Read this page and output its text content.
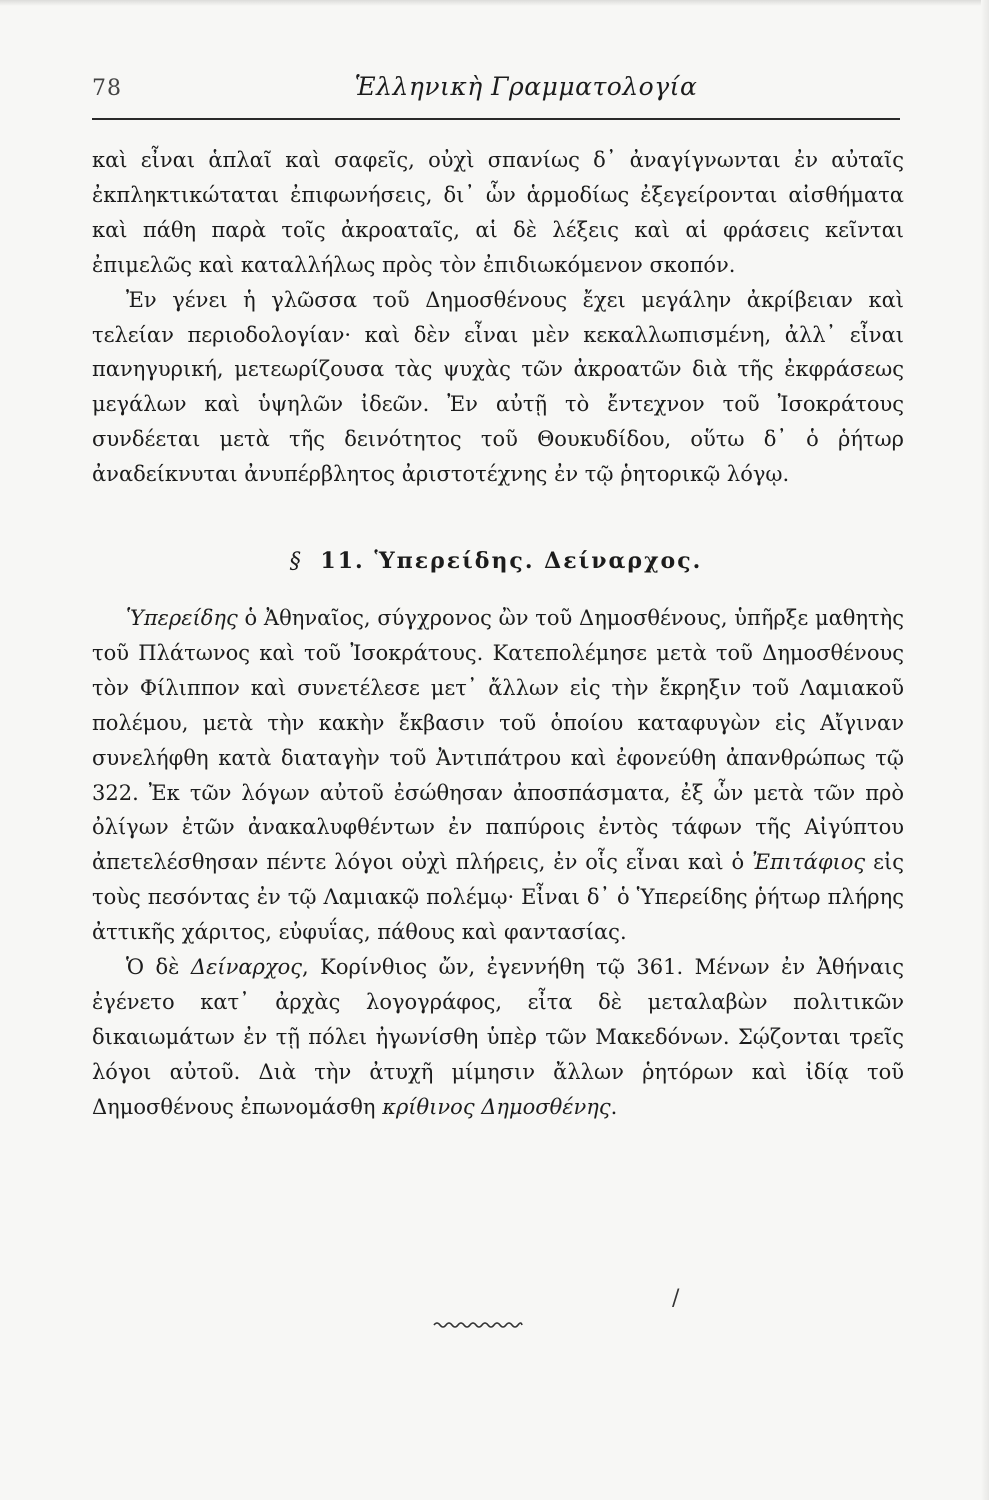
78	Ἑλληνικὴ Γραμματολογία

καὶ εἶναι ἁπλαῖ καὶ σαφεῖς, οὐχὶ σπανίως δ᾽ ἀναγίγνωνται ἐν αὐταῖς ἐκπληκτικώταται ἐπιφωνήσεις, δι᾽ ὧν ἁρμοδίως ἐξεγείρονται αἰσθήματα καὶ πάθη παρὰ τοῖς ἀκροαταῖς, αἱ δὲ λέξεις καὶ αἱ φράσεις κεῖνται ἐπιμελῶς καὶ καταλλήλως πρὸς τὸν ἐπιδιωκόμενον σκοπόν.

Ἐν γένει ἡ γλῶσσα τοῦ Δημοσθένους ἔχει μεγάλην ἀκρίβειαν καὶ τελείαν περιοδολογίαν· καὶ δὲν εἶναι μὲν κεκαλλωπισμένη, ἀλλ᾽ εἶναι πανηγυρική, μετεωρίζουσα τὰς ψυχὰς τῶν ἀκροατῶν διὰ τῆς ἐκφράσεως μεγάλων καὶ ὑψηλῶν ἰδεῶν. Ἐν αὐτῇ τὸ ἔντεχνον τοῦ Ἰσοκράτους συνδέεται μετὰ τῆς δεινότητος τοῦ Θουκυδίδου, οὕτω δ᾽ ὁ ῥήτωρ ἀναδείκνυται ἀνυπέρβλητος ἀριστοτέχνης ἐν τῷ ῥητορικῷ λόγῳ.

§ 11. Ὑπερείδης. Δείναρχος.

Ὑπερείδης ὁ Ἀθηναῖος, σύγχρονος ὢν τοῦ Δημοσθένους, ὑπῆρξε μαθητὴς τοῦ Πλάτωνος καὶ τοῦ Ἰσοκράτους. Κατεπολέμησε μετὰ τοῦ Δημοσθένους τὸν Φίλιππον καὶ συνετέλεσε μετ᾽ ἄλλων εἰς τὴν ἔκρηξιν τοῦ Λαμιακοῦ πολέμου, μετὰ τὴν κακὴν ἔκβασιν τοῦ ὁποίου καταφυγὼν εἰς Αἴγιναν συνελήφθη κατὰ διαταγὴν τοῦ Ἀντιπάτρου καὶ ἐφονεύθη ἀπανθρώπως τῷ 322. Ἐκ τῶν λόγων αὐτοῦ ἐσώθησαν ἀποσπάσματα, ἐξ ὧν μετὰ τῶν πρὸ ὀλίγων ἐτῶν ἀνακαλυφθέντων ἐν παπύροις ἐντὸς τάφων τῆς Αἰγύπτου ἀπετελέσθησαν πέντε λόγοι οὐχὶ πλήρεις, ἐν οἷς εἶναι καὶ ὁ Ἐπιτάφιος εἰς τοὺς πεσόντας ἐν τῷ Λαμιακῷ πολέμῳ· Εἶναι δ᾽ ὁ Ὑπερείδης ῥήτωρ πλήρης ἀττικῆς χάριτος, εὐφυΐας, πάθους καὶ φαντασίας.

Ὁ δὲ Δείναρχος, Κορίνθιος ὤν, ἐγεννήθη τῷ 361. Μένων ἐν Ἀθήναις ἐγένετο κατ᾽ ἀρχὰς λογογράφος, εἶτα δὲ μεταλαβὼν πολιτικῶν δικαιωμάτων ἐν τῇ πόλει ἠγωνίσθη ὑπὲρ τῶν Μακεδόνων. Σῴζονται τρεῖς λόγοι αὐτοῦ. Διὰ τὴν ἀτυχῆ μίμησιν ἄλλων ῥητόρων καὶ ἰδίᾳ τοῦ Δημοσθένους ἐπωνομάσθη κρίθινος Δημοσθένης.

/
